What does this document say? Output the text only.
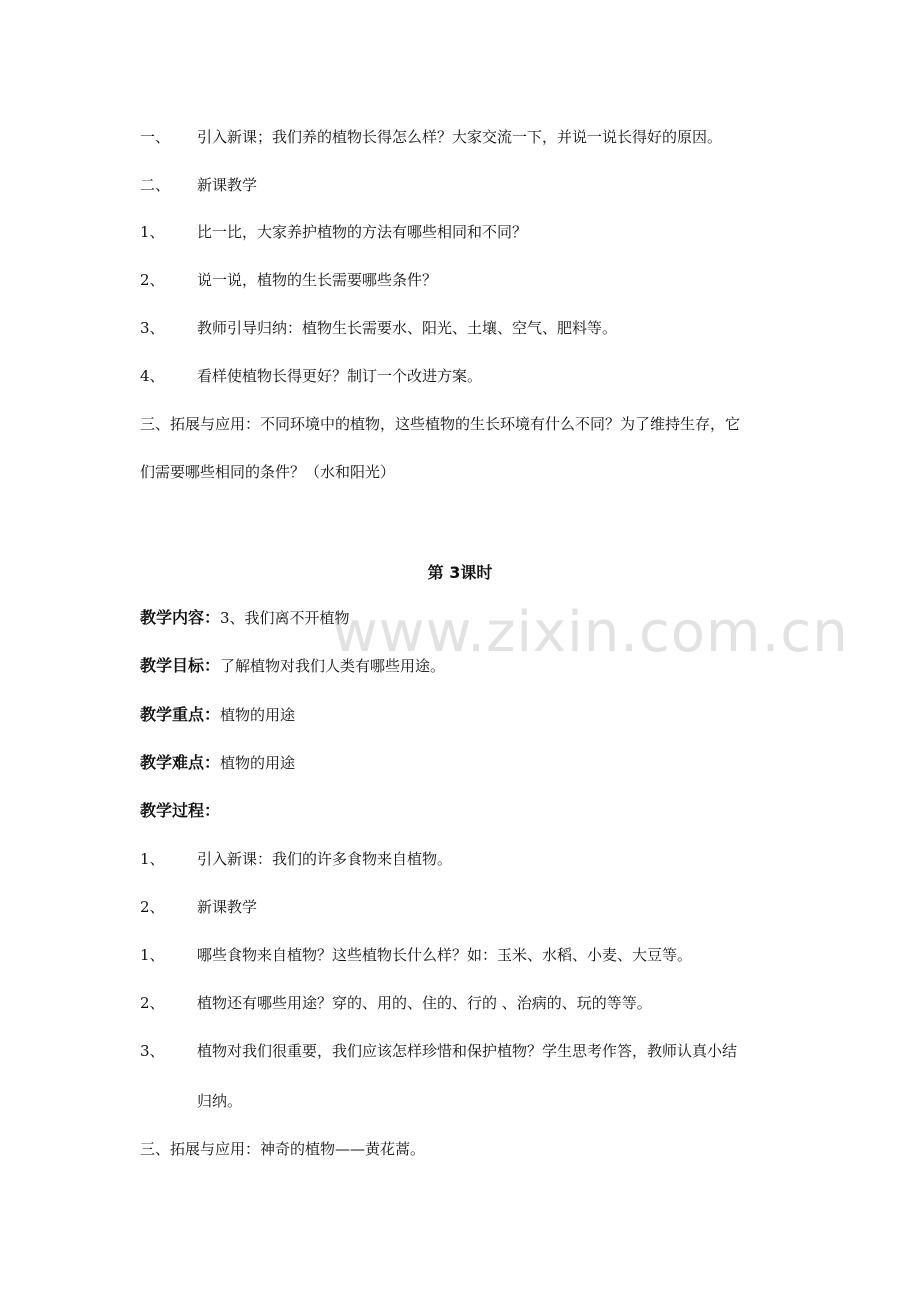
www.zixin.com.cn
一、 引入新课；我们养的植物长得怎么样？大家交流一下，并说一说长得好的原因。
二、 新课教学
1、 比一比，大家养护植物的方法有哪些相同和不同？
2、 说一说，植物的生长需要哪些条件？
3、 教师引导归纳：植物生长需要水、阳光、土壤、空气、肥料等。
4、 看样使植物长得更好？制订一个改进方案。
三、拓展与应用：不同环境中的植物，这些植物的生长环境有什么不同？为了维持生存，它
们需要哪些相同的条件？（水和阳光）
第 3课时
教学内容：3、我们离不开植物
教学目标：了解植物对我们人类有哪些用途。
教学重点：植物的用途
教学难点：植物的用途
教学过程：
1、 引入新课：我们的许多食物来自植物。
2、 新课教学
1、 哪些食物来自植物？这些植物长什么样？如：玉米、水稻、小麦、大豆等。
2、 植物还有哪些用途？穿的、用的、住的、行的 、治病的、玩的等等。
3、 植物对我们很重要，我们应该怎样珍惜和保护植物？学生思考作答，教师认真小结
归纳。
三、拓展与应用：神奇的植物——黄花蒿。
